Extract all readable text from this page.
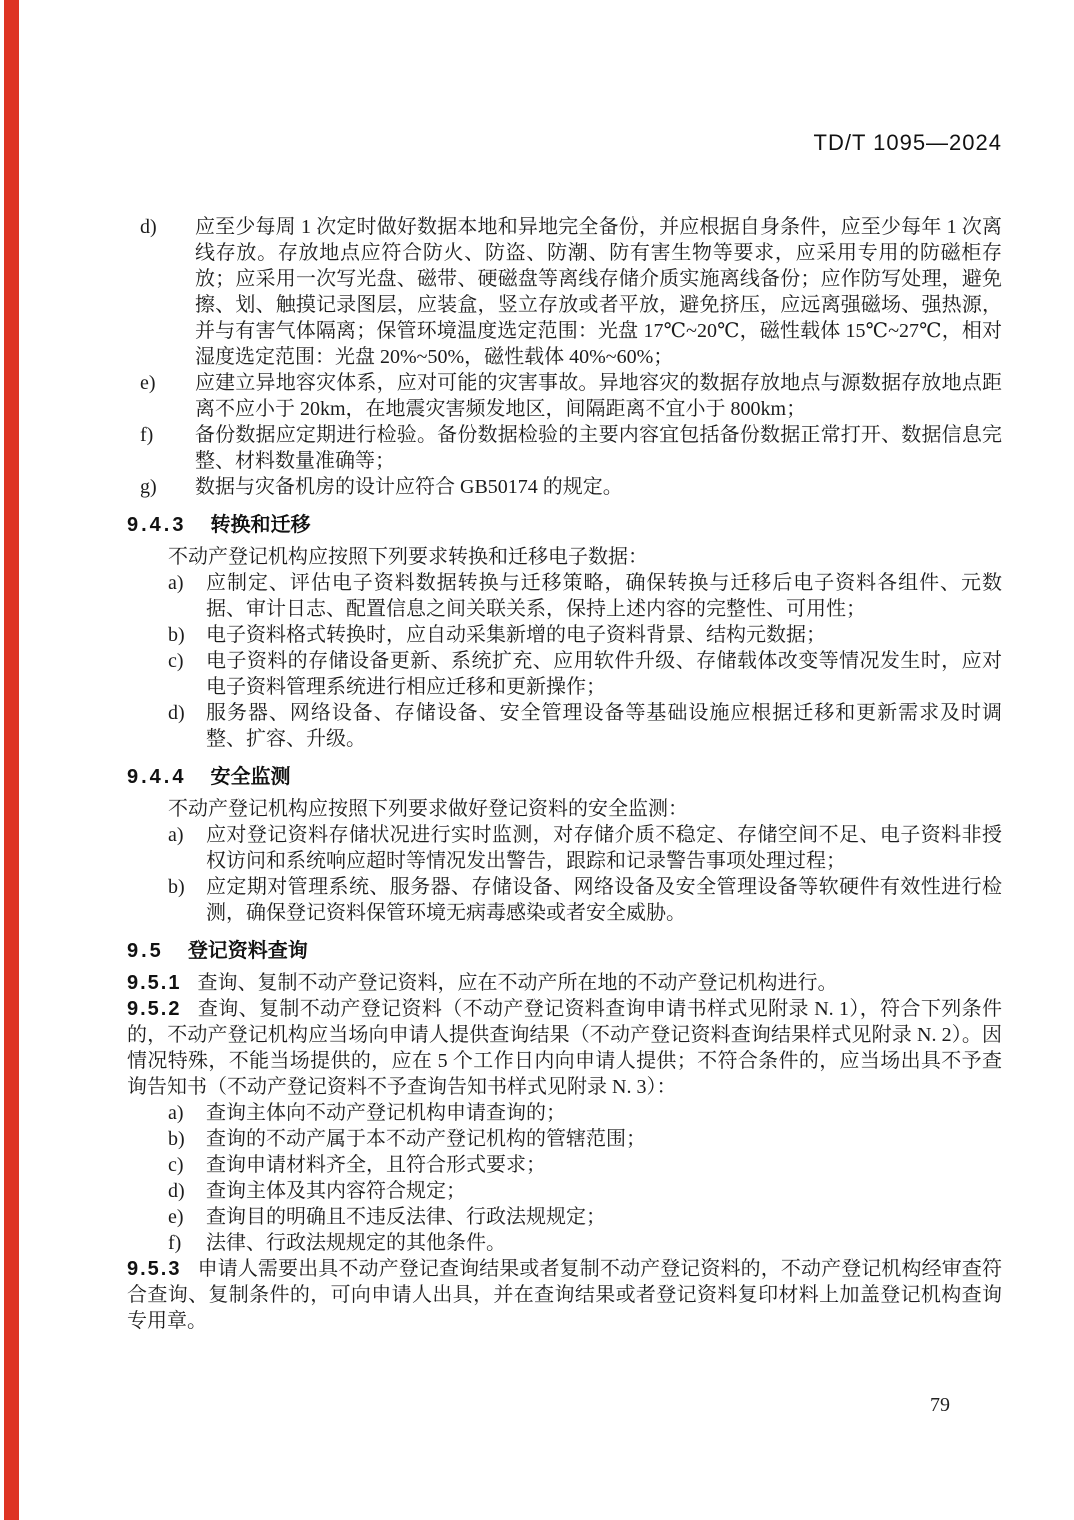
TD/T 1095—2024
d)	应至少每周 1 次定时做好数据本地和异地完全备份，并应根据自身条件，应至少每年 1 次离线存放。存放地点应符合防火、防盗、防潮、防有害生物等要求，应采用专用的防磁柜存放；应采用一次写光盘、磁带、硬磁盘等离线存储介质实施离线备份；应作防写处理，避免擦、划、触摸记录图层，应装盒，竖立存放或者平放，避免挤压，应远离强磁场、强热源，并与有害气体隔离；保管环境温度选定范围：光盘 17℃~20℃，磁性载体 15℃~27℃，相对湿度选定范围：光盘 20%~50%，磁性载体 40%~60%；
e)	应建立异地容灾体系，应对可能的灾害事故。异地容灾的数据存放地点与源数据存放地点距离不应小于 20km，在地震灾害频发地区，间隔距离不宜小于 800km；
f)	备份数据应定期进行检验。备份数据检验的主要内容宜包括备份数据正常打开、数据信息完整、材料数量准确等；
g)	数据与灾备机房的设计应符合 GB50174 的规定。
9.4.3 转换和迁移
不动产登记机构应按照下列要求转换和迁移电子数据：
a)	应制定、评估电子资料数据转换与迁移策略，确保转换与迁移后电子资料各组件、元数据、审计日志、配置信息之间关联关系，保持上述内容的完整性、可用性；
b)	电子资料格式转换时，应自动采集新增的电子资料背景、结构元数据；
c)	电子资料的存储设备更新、系统扩充、应用软件升级、存储载体改变等情况发生时，应对电子资料管理系统进行相应迁移和更新操作；
d)	服务器、网络设备、存储设备、安全管理设备等基础设施应根据迁移和更新需求及时调整、扩容、升级。
9.4.4 安全监测
不动产登记机构应按照下列要求做好登记资料的安全监测：
a)	应对登记资料存储状况进行实时监测，对存储介质不稳定、存储空间不足、电子资料非授权访问和系统响应超时等情况发出警告，跟踪和记录警告事项处理过程；
b)	应定期对管理系统、服务器、存储设备、网络设备及安全管理设备等软硬件有效性进行检测，确保登记资料保管环境无病毒感染或者安全威胁。
9.5 登记资料查询

9.5.1 查询、复制不动产登记资料，应在不动产所在地的不动产登记机构进行。

9.5.2 查询、复制不动产登记资料（不动产登记资料查询申请书样式见附录 N. 1），符合下列条件的，不动产登记机构应当场向申请人提供查询结果（不动产登记资料查询结果样式见附录 N. 2）。因情况特殊，不能当场提供的，应在 5 个工作日内向申请人提供；不符合条件的，应当场出具不予查询告知书（不动产登记资料不予查询告知书样式见附录 N. 3）：

a)	查询主体向不动产登记机构申请查询的；
b)	查询的不动产属于本不动产登记机构的管辖范围；
c)	查询申请材料齐全，且符合形式要求；
d)	查询主体及其内容符合规定；
e)	查询目的明确且不违反法律、行政法规规定；
f)	法律、行政法规规定的其他条件。

9.5.3 申请人需要出具不动产登记查询结果或者复制不动产登记资料的，不动产登记机构经审查符合查询、复制条件的，可向申请人出具，并在查询结果或者登记资料复印材料上加盖登记机构查询专用章。

79
